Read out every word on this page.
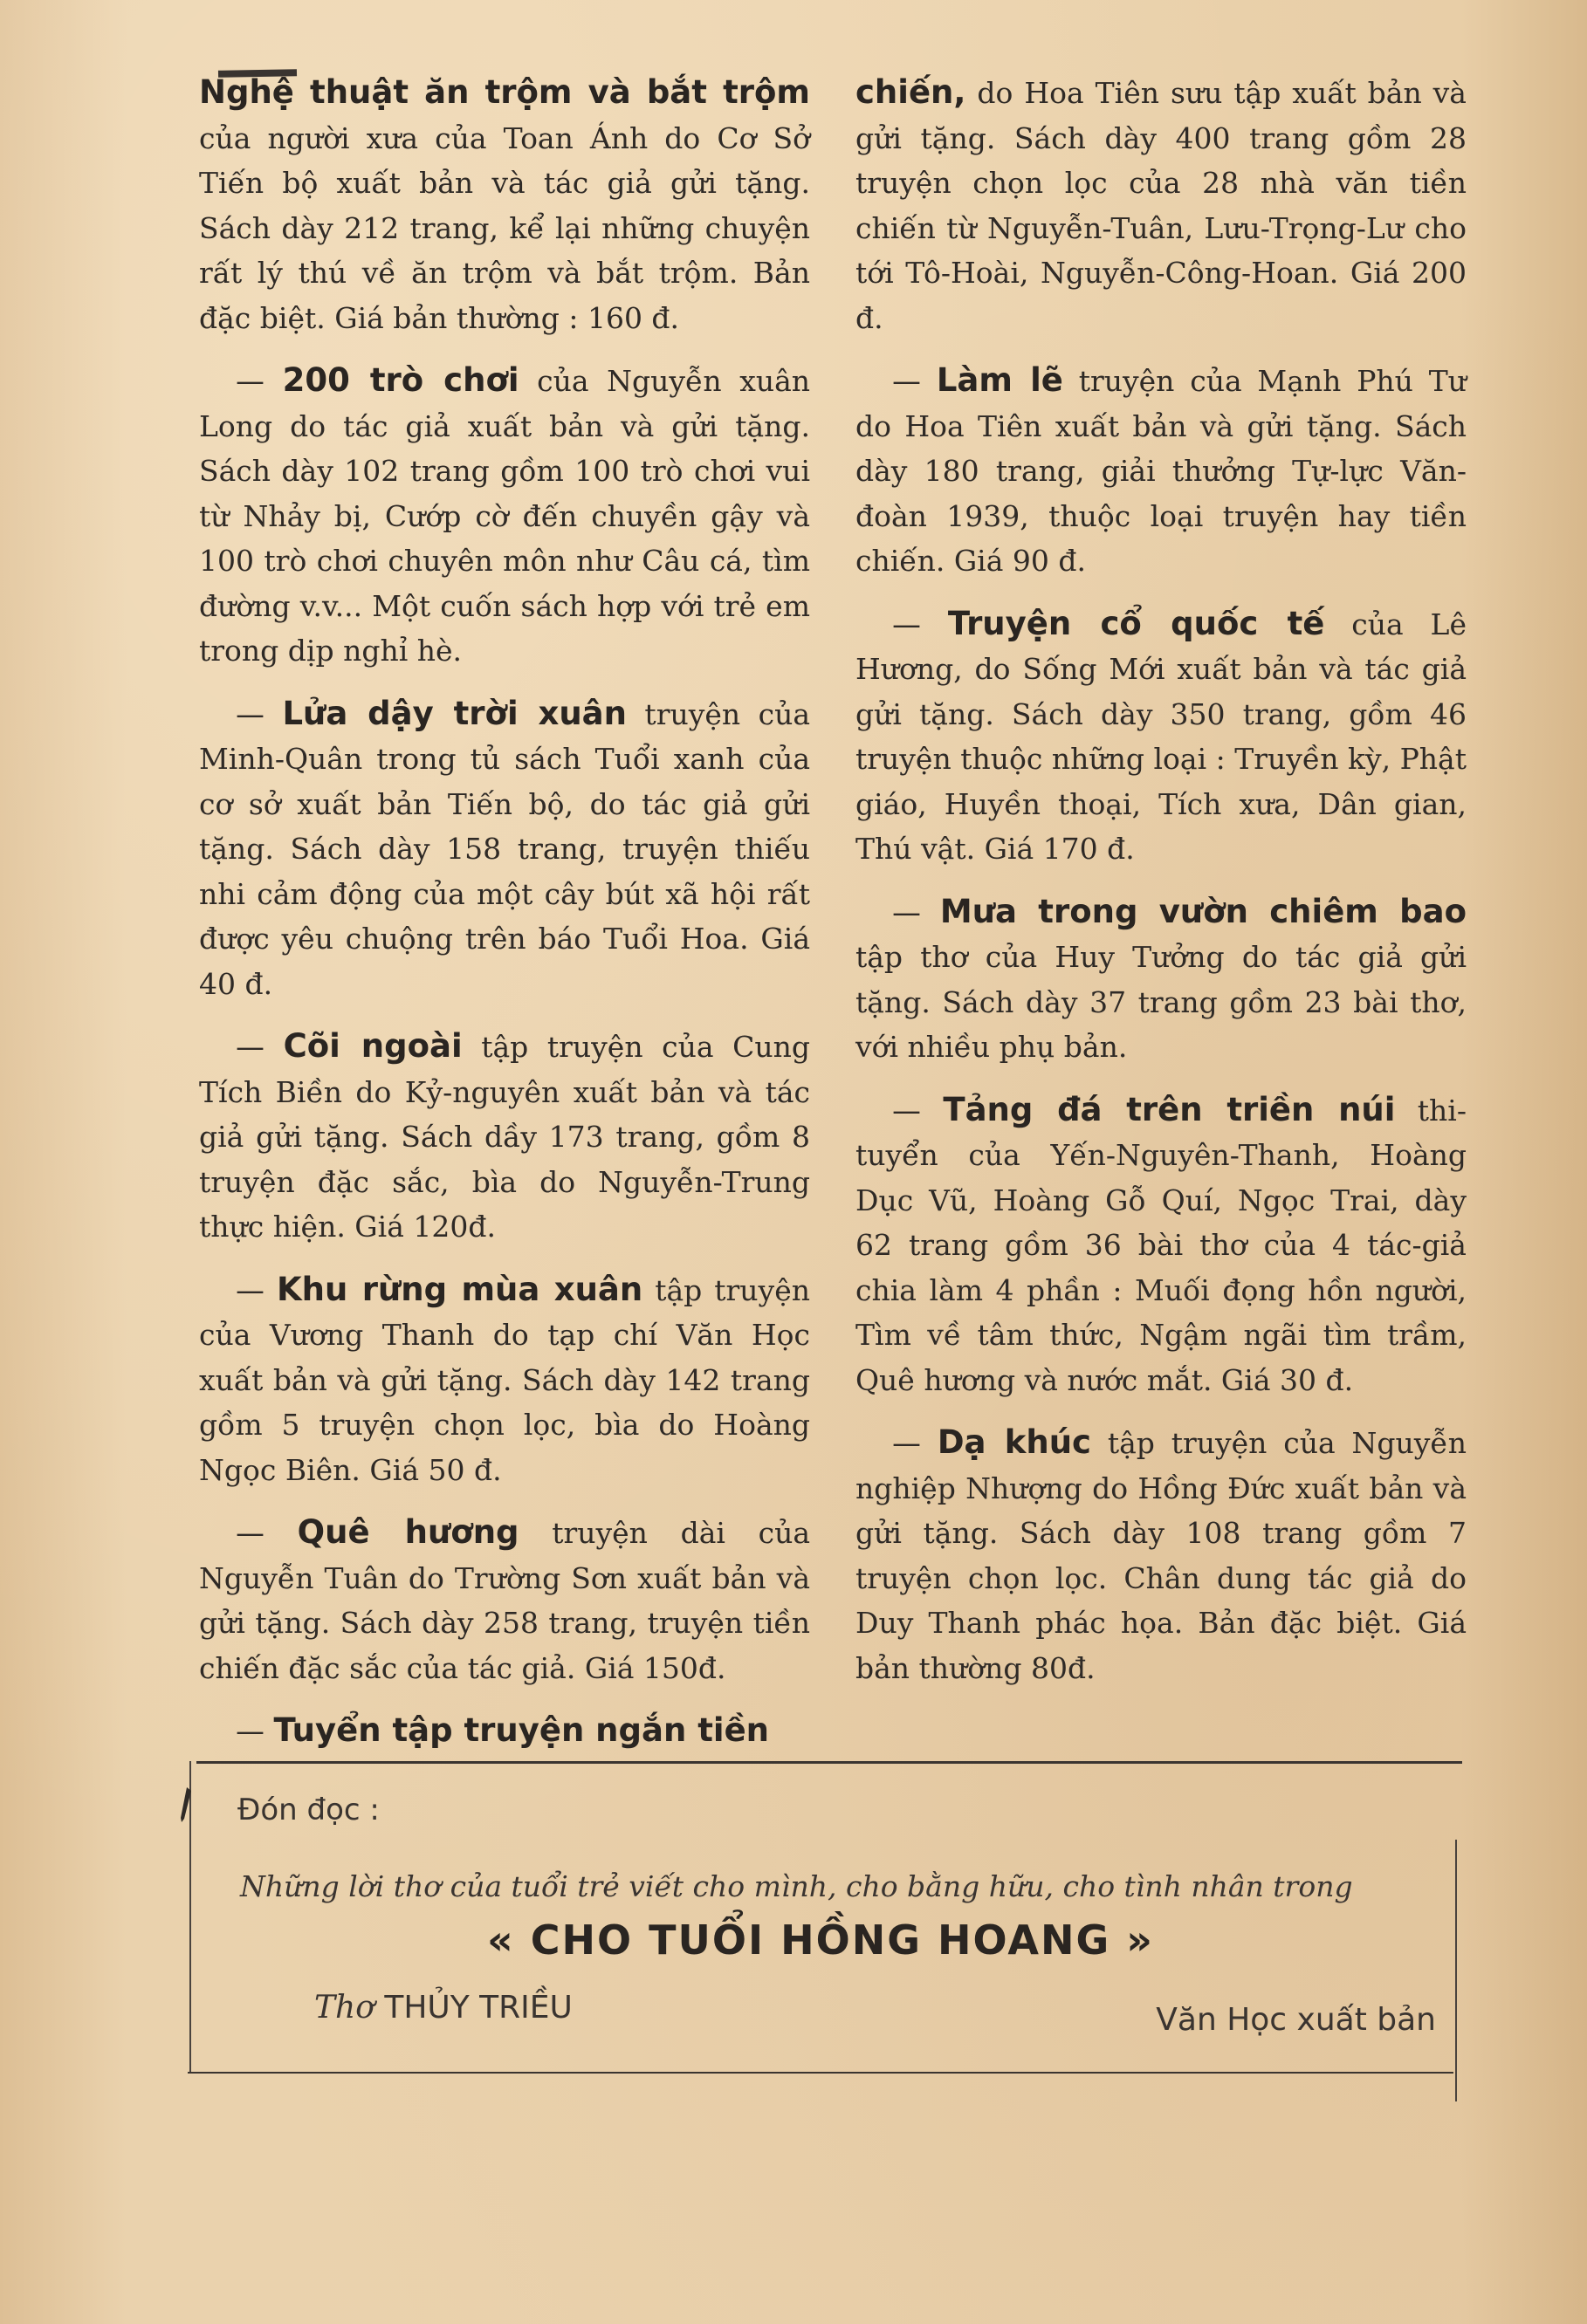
Nghệ thuật ăn trộm và bắt trộm của người xưa của Toan Ánh do Cơ Sở Tiến bộ xuất bản và tác giả gửi tặng. Sách dày 212 trang, kể lại những chuyện rất lý thú về ăn trộm và bắt trộm. Bản đặc biệt. Giá bản thường : 160 đ.

— 200 trò chơi của Nguyễn xuân Long do tác giả xuất bản và gửi tặng. Sách dày 102 trang gồm 100 trò chơi vui từ Nhảy bị, Cướp cờ đến chuyền gậy và 100 trò chơi chuyên môn như Câu cá, tìm đường v.v... Một cuốn sách hợp với trẻ em trong dịp nghỉ hè.

— Lửa dậy trời xuân truyện của Minh-Quân trong tủ sách Tuổi xanh của cơ sở xuất bản Tiến bộ, do tác giả gửi tặng. Sách dày 158 trang, truyện thiếu nhi cảm động của một cây bút xã hội rất được yêu chuộng trên báo Tuổi Hoa. Giá 40 đ.

— Cõi ngoài tập truyện của Cung Tích Biền do Kỷ-nguyên xuất bản và tác giả gửi tặng. Sách dầy 173 trang, gồm 8 truyện đặc sắc, bìa do Nguyễn-Trung thực hiện. Giá 120đ.

— Khu rừng mùa xuân tập truyện của Vương Thanh do tạp chí Văn Học xuất bản và gửi tặng. Sách dày 142 trang gồm 5 truyện chọn lọc, bìa do Hoàng Ngọc Biên. Giá 50 đ.

— Quê hương truyện dài của Nguyễn Tuân do Trường Sơn xuất bản và gửi tặng. Sách dày 258 trang, truyện tiền chiến đặc sắc của tác giả. Giá 150đ.

— Tuyển tập truyện ngắn tiền

chiến, do Hoa Tiên sưu tập xuất bản và gửi tặng. Sách dày 400 trang gồm 28 truyện chọn lọc của 28 nhà văn tiền chiến từ Nguyễn-Tuân, Lưu-Trọng-Lư cho tới Tô-Hoài, Nguyễn-Công-Hoan. Giá 200 đ.

— Làm lẽ truyện của Mạnh Phú Tư do Hoa Tiên xuất bản và gửi tặng. Sách dày 180 trang, giải thưởng Tự-lực Văn-đoàn 1939, thuộc loại truyện hay tiền chiến. Giá 90 đ.

— Truyện cổ quốc tế của Lê Hương, do Sống Mới xuất bản và tác giả gửi tặng. Sách dày 350 trang, gồm 46 truyện thuộc những loại : Truyền kỳ, Phật giáo, Huyền thoại, Tích xưa, Dân gian, Thú vật. Giá 170 đ.

— Mưa trong vườn chiêm bao tập thơ của Huy Tưởng do tác giả gửi tặng. Sách dày 37 trang gồm 23 bài thơ, với nhiều phụ bản.

— Tảng đá trên triền núi thi-tuyển của Yến-Nguyên-Thanh, Hoàng Dục Vũ, Hoàng Gỗ Quí, Ngọc Trai, dày 62 trang gồm 36 bài thơ của 4 tác-giả chia làm 4 phần : Muối đọng hồn người, Tìm về tâm thức, Ngậm ngãi tìm trầm, Quê hương và nước mắt. Giá 30 đ.

— Dạ khúc tập truyện của Nguyễn nghiệp Nhượng do Hồng Đức xuất bản và gửi tặng. Sách dày 108 trang gồm 7 truyện chọn lọc. Chân dung tác giả do Duy Thanh phác họa. Bản đặc biệt. Giá bản thường 80đ.

Đón đọc :
Những lời thơ của tuổi trẻ viết cho mình, cho bằng hữu, cho tình nhân trong
« CHO TUỔI HỒNG HOANG »
Thơ THỦY TRIỀU	Văn Học xuất bản
